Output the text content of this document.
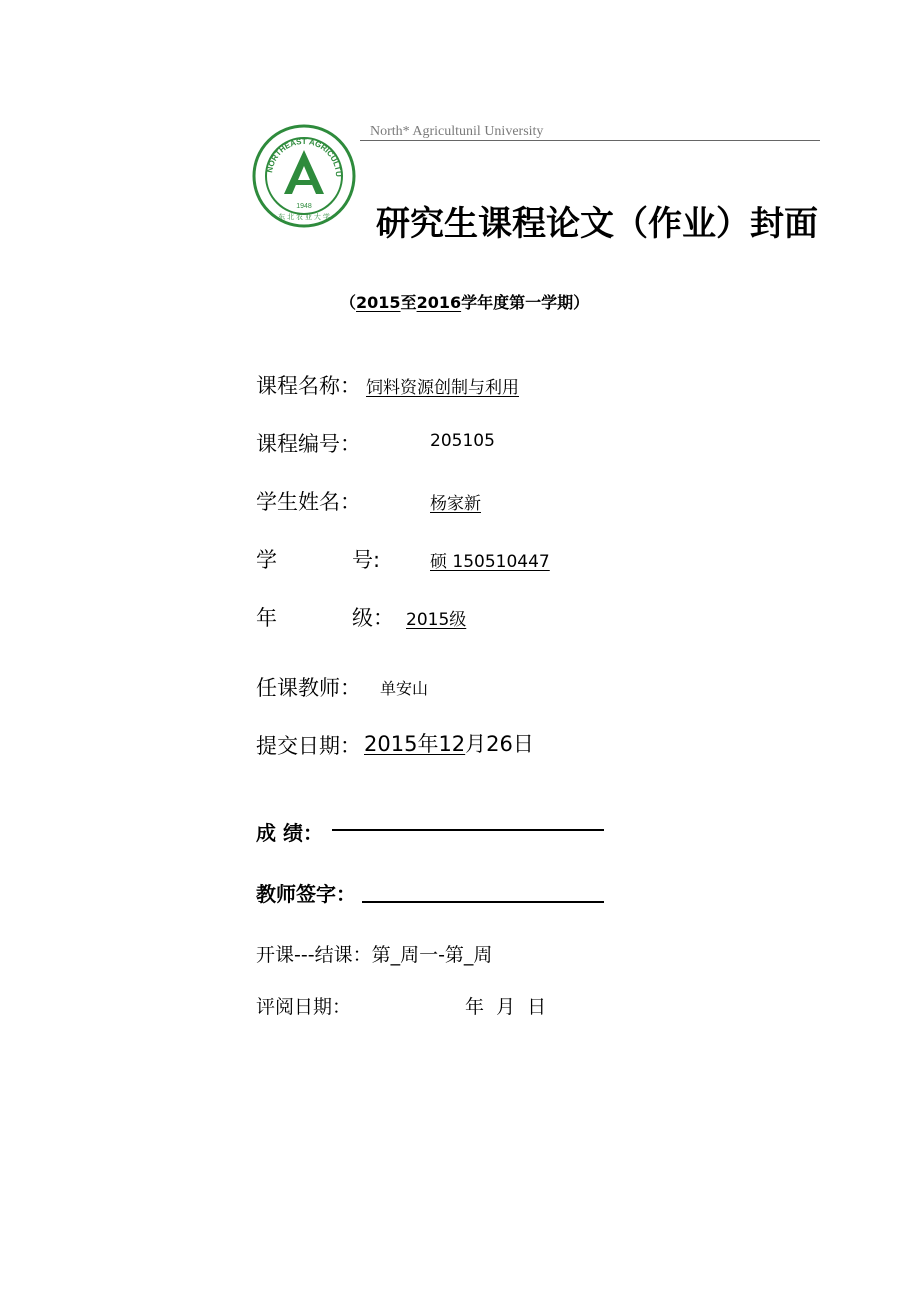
NORTHEAST AGRICULTU
1948
东 北 农 业 大 学
North* Agricultunil University
研究生课程论文（作业）封面
（2015至2016学年度第一学期）
课程名称： 饲料资源创制与利用
课程编号：	205105
学生姓名：	杨家新
学	号:	硕 150510447
年	级： 2015级
任课教师： 单安山
提交日期： 2015年12月26日
成 绩：
教师签字：
开课---结课：第_周一-第_周
评阅日期：	年  月  日
